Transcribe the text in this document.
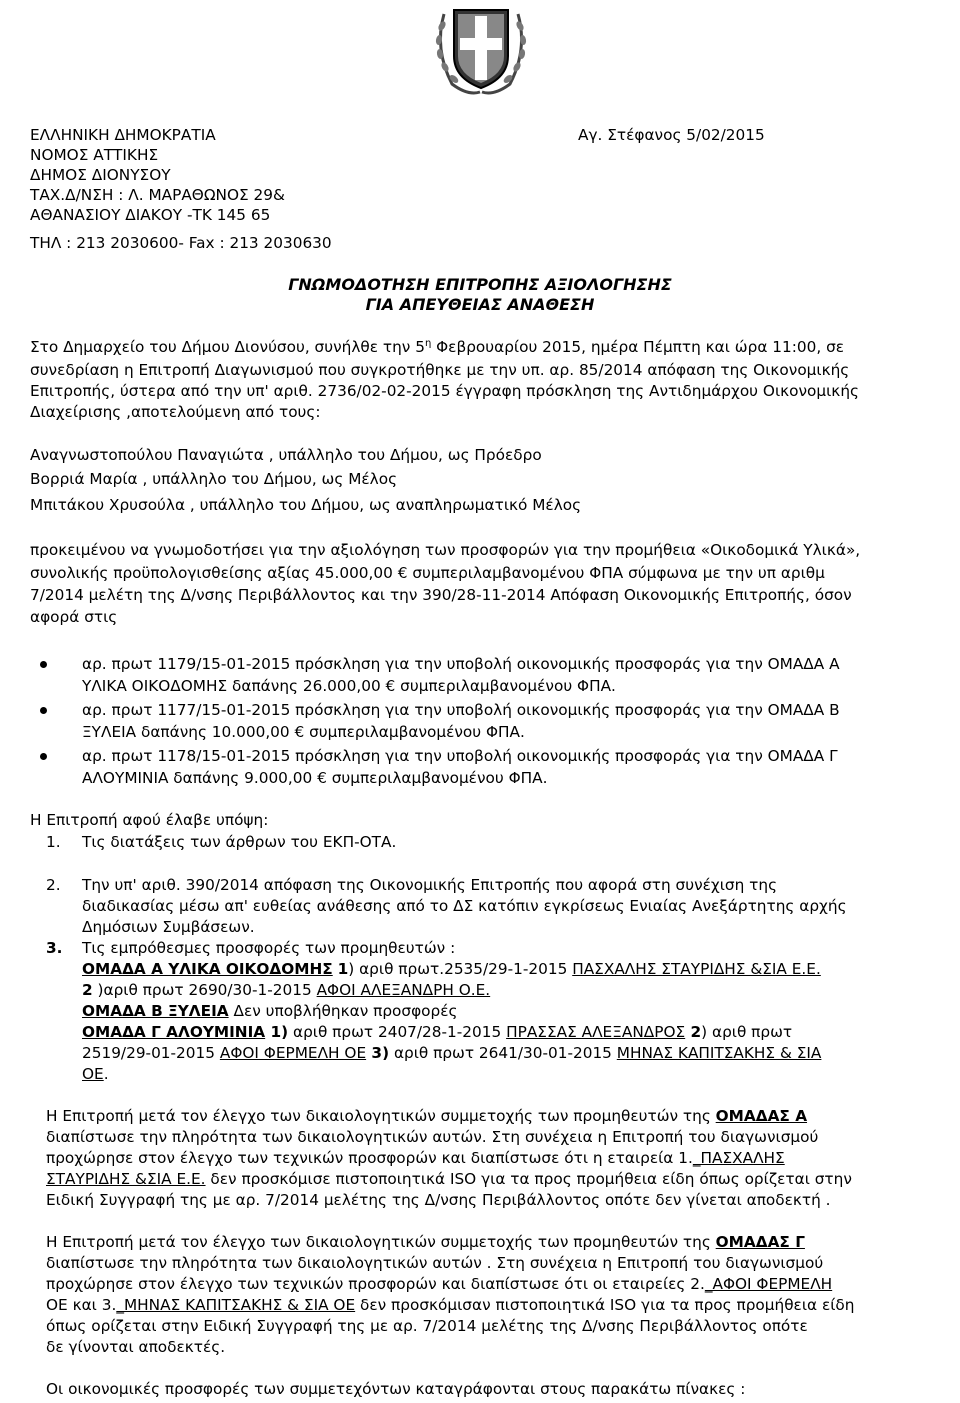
ΕΛΛΗΝΙΚΗ ΔΗΜΟΚΡΑΤΙΑ
ΝΟΜΟΣ ΑΤΤΙΚΗΣ
ΔΗΜΟΣ ΔΙΟΝΥΣΟΥ
ΤΑΧ.Δ/ΝΣΗ : Λ. ΜΑΡΑΘΩΝΟΣ 29&
ΑΘΑΝΑΣΙΟΥ ΔΙΑΚΟΥ -ΤΚ 145 65
ΤΗΛ : 213 2030600- Fax : 213 2030630
Αγ. Στέφανος 5/02/2015
ΓΝΩΜΟΔΟΤΗΣΗ ΕΠΙΤΡΟΠΗΣ ΑΞΙΟΛΟΓΗΣΗΣ
ΓΙΑ ΑΠΕΥΘΕΙΑΣ ΑΝΑΘΕΣΗ
Στο Δημαρχείο του Δήμου Διονύσου, συνήλθε την $5^\eta$ Φεβρουαρίου 2015, ημέρα Πέμπτη και ώρα 11:00, σε
συνεδρίαση η Επιτροπή Διαγωνισμού που συγκροτήθηκε με την υπ. αρ. 85/2014 απόφαση της Οικονομικής
Επιτροπής, ύστερα από την υπ' αριθ. 2736/02-02-2015 έγγραφη πρόσκληση της Αντιδημάρχου Οικονομικής
Διαχείρισης ,αποτελούμενη από τους:
Αναγνωστοπούλου Παναγιώτα , υπάλληλο του Δήμου, ως Πρόεδρο
Βορριά Μαρία , υπάλληλο του Δήμου, ως Μέλος
Μπιτάκου Χρυσούλα , υπάλληλο του Δήμου, ως αναπληρωματικό Μέλος
προκειμένου να γνωμοδοτήσει για την αξιολόγηση των προσφορών για την προμήθεια «Οικοδομικά Υλικά»,
συνολικής προϋπολογισθείσης αξίας 45.000,00 € συμπεριλαμβανομένου ΦΠΑ σύμφωνα με την υπ αριθμ
7/2014 μελέτη της Δ/νσης Περιβάλλοντος και την 390/28-11-2014 Απόφαση Οικονομικής Επιτροπής, όσον
αφορά στις
αρ. πρωτ 1179/15-01-2015 πρόσκληση για την υποβολή οικονομικής προσφοράς για την ΟΜΑΔΑ Α
ΥΛΙΚΑ ΟΙΚΟΔΟΜΗΣ δαπάνης 26.000,00 € συμπεριλαμβανομένου ΦΠΑ.
αρ. πρωτ 1177/15-01-2015 πρόσκληση για την υποβολή οικονομικής προσφοράς για την ΟΜΑΔΑ Β
ΞΥΛΕΙΑ δαπάνης 10.000,00 € συμπεριλαμβανομένου ΦΠΑ.
αρ. πρωτ 1178/15-01-2015 πρόσκληση για την υποβολή οικονομικής προσφοράς για την ΟΜΑΔΑ Γ
ΑΛΟΥΜΙΝΙΑ δαπάνης 9.000,00 € συμπεριλαμβανομένου ΦΠΑ.
Η Επιτροπή αφού έλαβε υπόψη:
1. Τις διατάξεις των άρθρων του ΕΚΠ-ΟΤΑ.
2. Την υπ' αριθ. 390/2014 απόφαση της Οικονομικής Επιτροπής που αφορά στη συνέχιση της
διαδικασίας μέσω απ' ευθείας ανάθεσης από το ΔΣ κατόπιν εγκρίσεως Ενιαίας Ανεξάρτητης αρχής
Δημόσιων Συμβάσεων.
3. Τις εμπρόθεσμες προσφορές των προμηθευτών :
ΟΜΑΔΑ Α ΥΛΙΚΑ ΟΙΚΟΔΟΜΗΣ 1) αριθ πρωτ.2535/29-1-2015 ΠΑΣΧΑΛΗΣ ΣΤΑΥΡΙΔΗΣ &ΣΙΑ Ε.Ε.
2 )αριθ πρωτ 2690/30-1-2015 ΑΦΟΙ ΑΛΕΞΑΝΔΡΗ Ο.Ε.
ΟΜΑΔΑ Β ΞΥΛΕΙΑ Δεν υποβλήθηκαν προσφορές
ΟΜΑΔΑ Γ ΑΛΟΥΜΙΝΙΑ 1) αριθ πρωτ 2407/28-1-2015 ΠΡΑΣΣΑΣ ΑΛΕΞΑΝΔΡΟΣ 2) αριθ πρωτ
2519/29-01-2015 ΑΦΟΙ ΦΕΡΜΕΛΗ ΟΕ 3) αριθ πρωτ 2641/30-01-2015 ΜΗΝΑΣ ΚΑΠΙΤΣΑΚΗΣ & ΣΙΑ
ΟΕ.
Η Επιτροπή μετά τον έλεγχο των δικαιολογητικών συμμετοχής των προμηθευτών της ΟΜΑΔΑΣ Α
διαπίστωσε την πληρότητα των δικαιολογητικών αυτών. Στη συνέχεια η Επιτροπή του διαγωνισμού
προχώρησε στον έλεγχο των τεχνικών προσφορών και διαπίστωσε ότι η εταιρεία 1._ΠΑΣΧΑΛΗΣ
ΣΤΑΥΡΙΔΗΣ &ΣΙΑ Ε.Ε. δεν προσκόμισε πιστοποιητικά ISO για τα προς προμήθεια είδη όπως ορίζεται στην
Ειδική Συγγραφή της με αρ. 7/2014 μελέτης της Δ/νσης Περιβάλλοντος οπότε δεν γίνεται αποδεκτή .
Η Επιτροπή μετά τον έλεγχο των δικαιολογητικών συμμετοχής των προμηθευτών της ΟΜΑΔΑΣ Γ
διαπίστωσε την πληρότητα των δικαιολογητικών αυτών . Στη συνέχεια η Επιτροπή του διαγωνισμού
προχώρησε στον έλεγχο των τεχνικών προσφορών και διαπίστωσε ότι οι εταιρείες 2._ΑΦΟΙ ΦΕΡΜΕΛΗ
ΟΕ και 3._ΜΗΝΑΣ ΚΑΠΙΤΣΑΚΗΣ & ΣΙΑ ΟΕ δεν προσκόμισαν πιστοποιητικά ISO για τα προς προμήθεια είδη
όπως ορίζεται στην Ειδική Συγγραφή της με αρ. 7/2014 μελέτης της Δ/νσης Περιβάλλοντος οπότε
δε γίνονται αποδεκτές.
Οι οικονομικές προσφορές των συμμετεχόντων καταγράφονται στους παρακάτω πίνακες :
